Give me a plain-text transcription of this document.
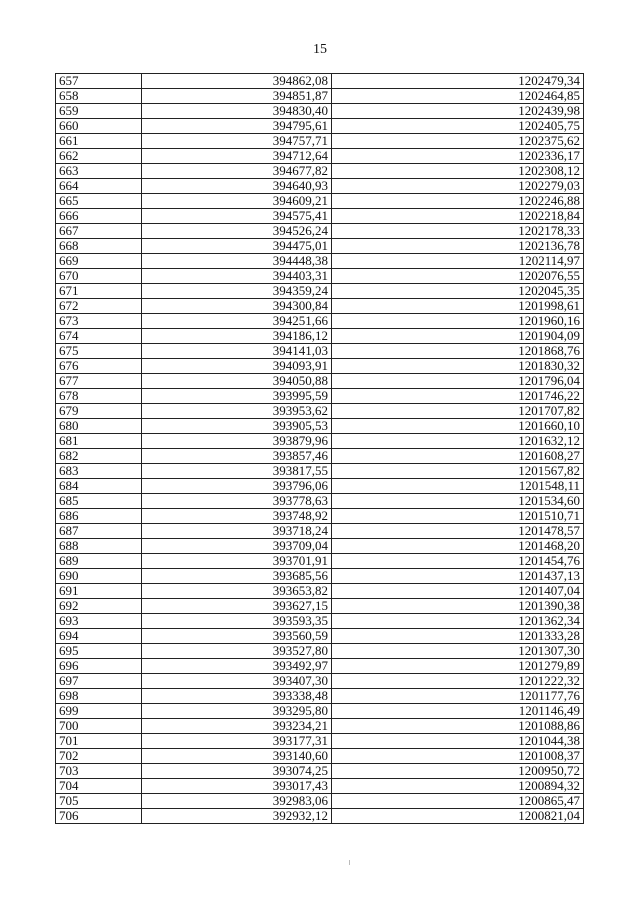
15
657	394862,08	1202479,34
658	394851,87	1202464,85
659	394830,40	1202439,98
660	394795,61	1202405,75
661	394757,71	1202375,62
662	394712,64	1202336,17
663	394677,82	1202308,12
664	394640,93	1202279,03
665	394609,21	1202246,88
666	394575,41	1202218,84
667	394526,24	1202178,33
668	394475,01	1202136,78
669	394448,38	1202114,97
670	394403,31	1202076,55
671	394359,24	1202045,35
672	394300,84	1201998,61
673	394251,66	1201960,16
674	394186,12	1201904,09
675	394141,03	1201868,76
676	394093,91	1201830,32
677	394050,88	1201796,04
678	393995,59	1201746,22
679	393953,62	1201707,82
680	393905,53	1201660,10
681	393879,96	1201632,12
682	393857,46	1201608,27
683	393817,55	1201567,82
684	393796,06	1201548,11
685	393778,63	1201534,60
686	393748,92	1201510,71
687	393718,24	1201478,57
688	393709,04	1201468,20
689	393701,91	1201454,76
690	393685,56	1201437,13
691	393653,82	1201407,04
692	393627,15	1201390,38
693	393593,35	1201362,34
694	393560,59	1201333,28
695	393527,80	1201307,30
696	393492,97	1201279,89
697	393407,30	1201222,32
698	393338,48	1201177,76
699	393295,80	1201146,49
700	393234,21	1201088,86
701	393177,31	1201044,38
702	393140,60	1201008,37
703	393074,25	1200950,72
704	393017,43	1200894,32
705	392983,06	1200865,47
706	392932,12	1200821,04
